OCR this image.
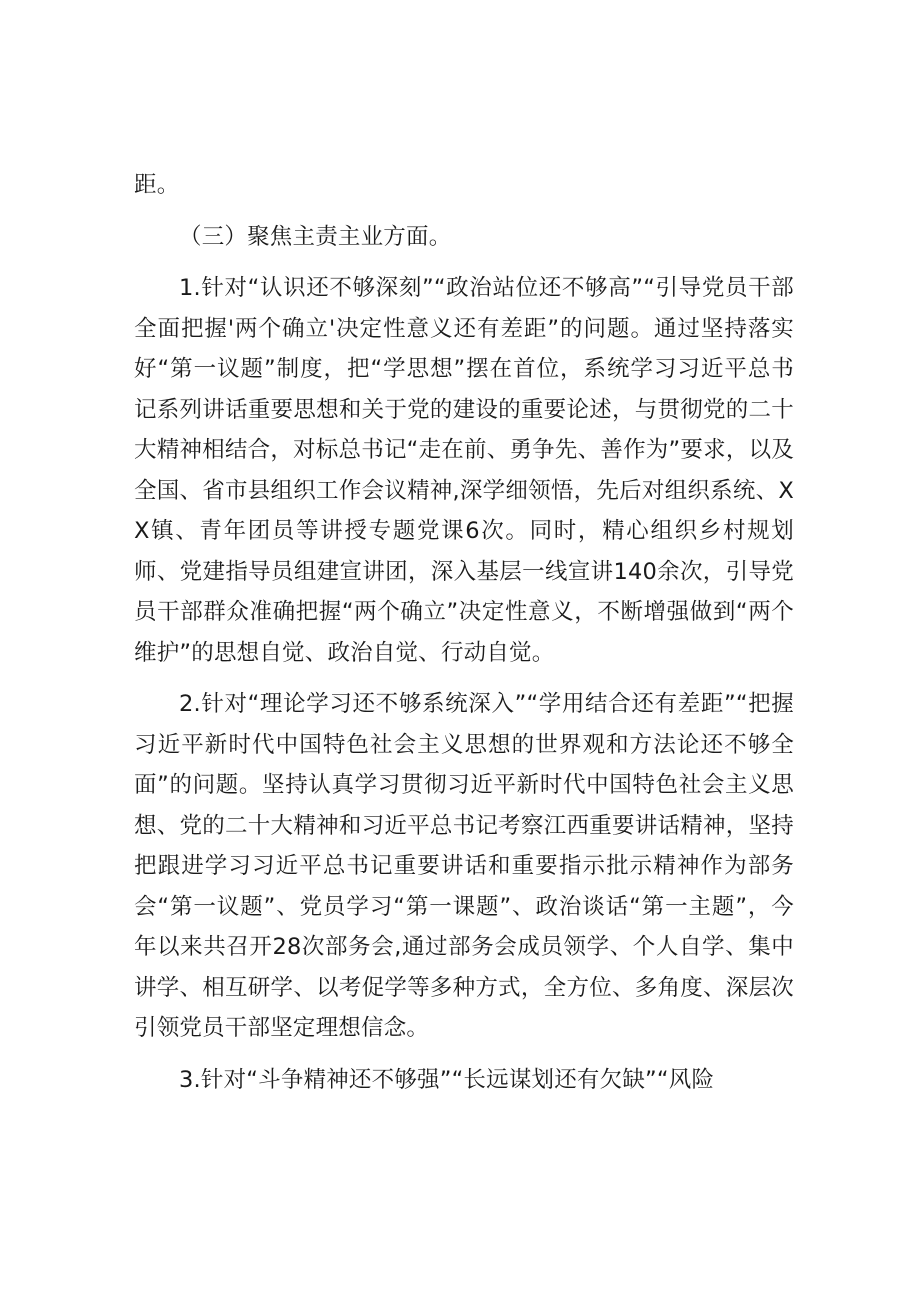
距。

（三）聚焦主责主业方面。

1.针对“认识还不够深刻”“政治站位还不够高”“引导党员干部全面把握'两个确立'决定性意义还有差距”的问题。通过坚持落实好“第一议题”制度，把“学思想”摆在首位，系统学习习近平总书记系列讲话重要思想和关于党的建设的重要论述，与贯彻党的二十大精神相结合，对标总书记“走在前、勇争先、善作为”要求，以及全国、省市县组织工作会议精神,深学细领悟，先后对组织系统、XX镇、青年团员等讲授专题党课6次。同时，精心组织乡村规划师、党建指导员组建宣讲团，深入基层一线宣讲140余次，引导党员干部群众准确把握“两个确立”决定性意义，不断增强做到“两个维护”的思想自觉、政治自觉、行动自觉。

2.针对“理论学习还不够系统深入”“学用结合还有差距”“把握习近平新时代中国特色社会主义思想的世界观和方法论还不够全面”的问题。坚持认真学习贯彻习近平新时代中国特色社会主义思想、党的二十大精神和习近平总书记考察江西重要讲话精神，坚持把跟进学习习近平总书记重要讲话和重要指示批示精神作为部务会“第一议题”、党员学习“第一课题”、政治谈话“第一主题”，今年以来共召开28次部务会,通过部务会成员领学、个人自学、集中讲学、相互研学、以考促学等多种方式，全方位、多角度、深层次引领党员干部坚定理想信念。

3.针对“斗争精神还不够强”“长远谋划还有欠缺”“风险
